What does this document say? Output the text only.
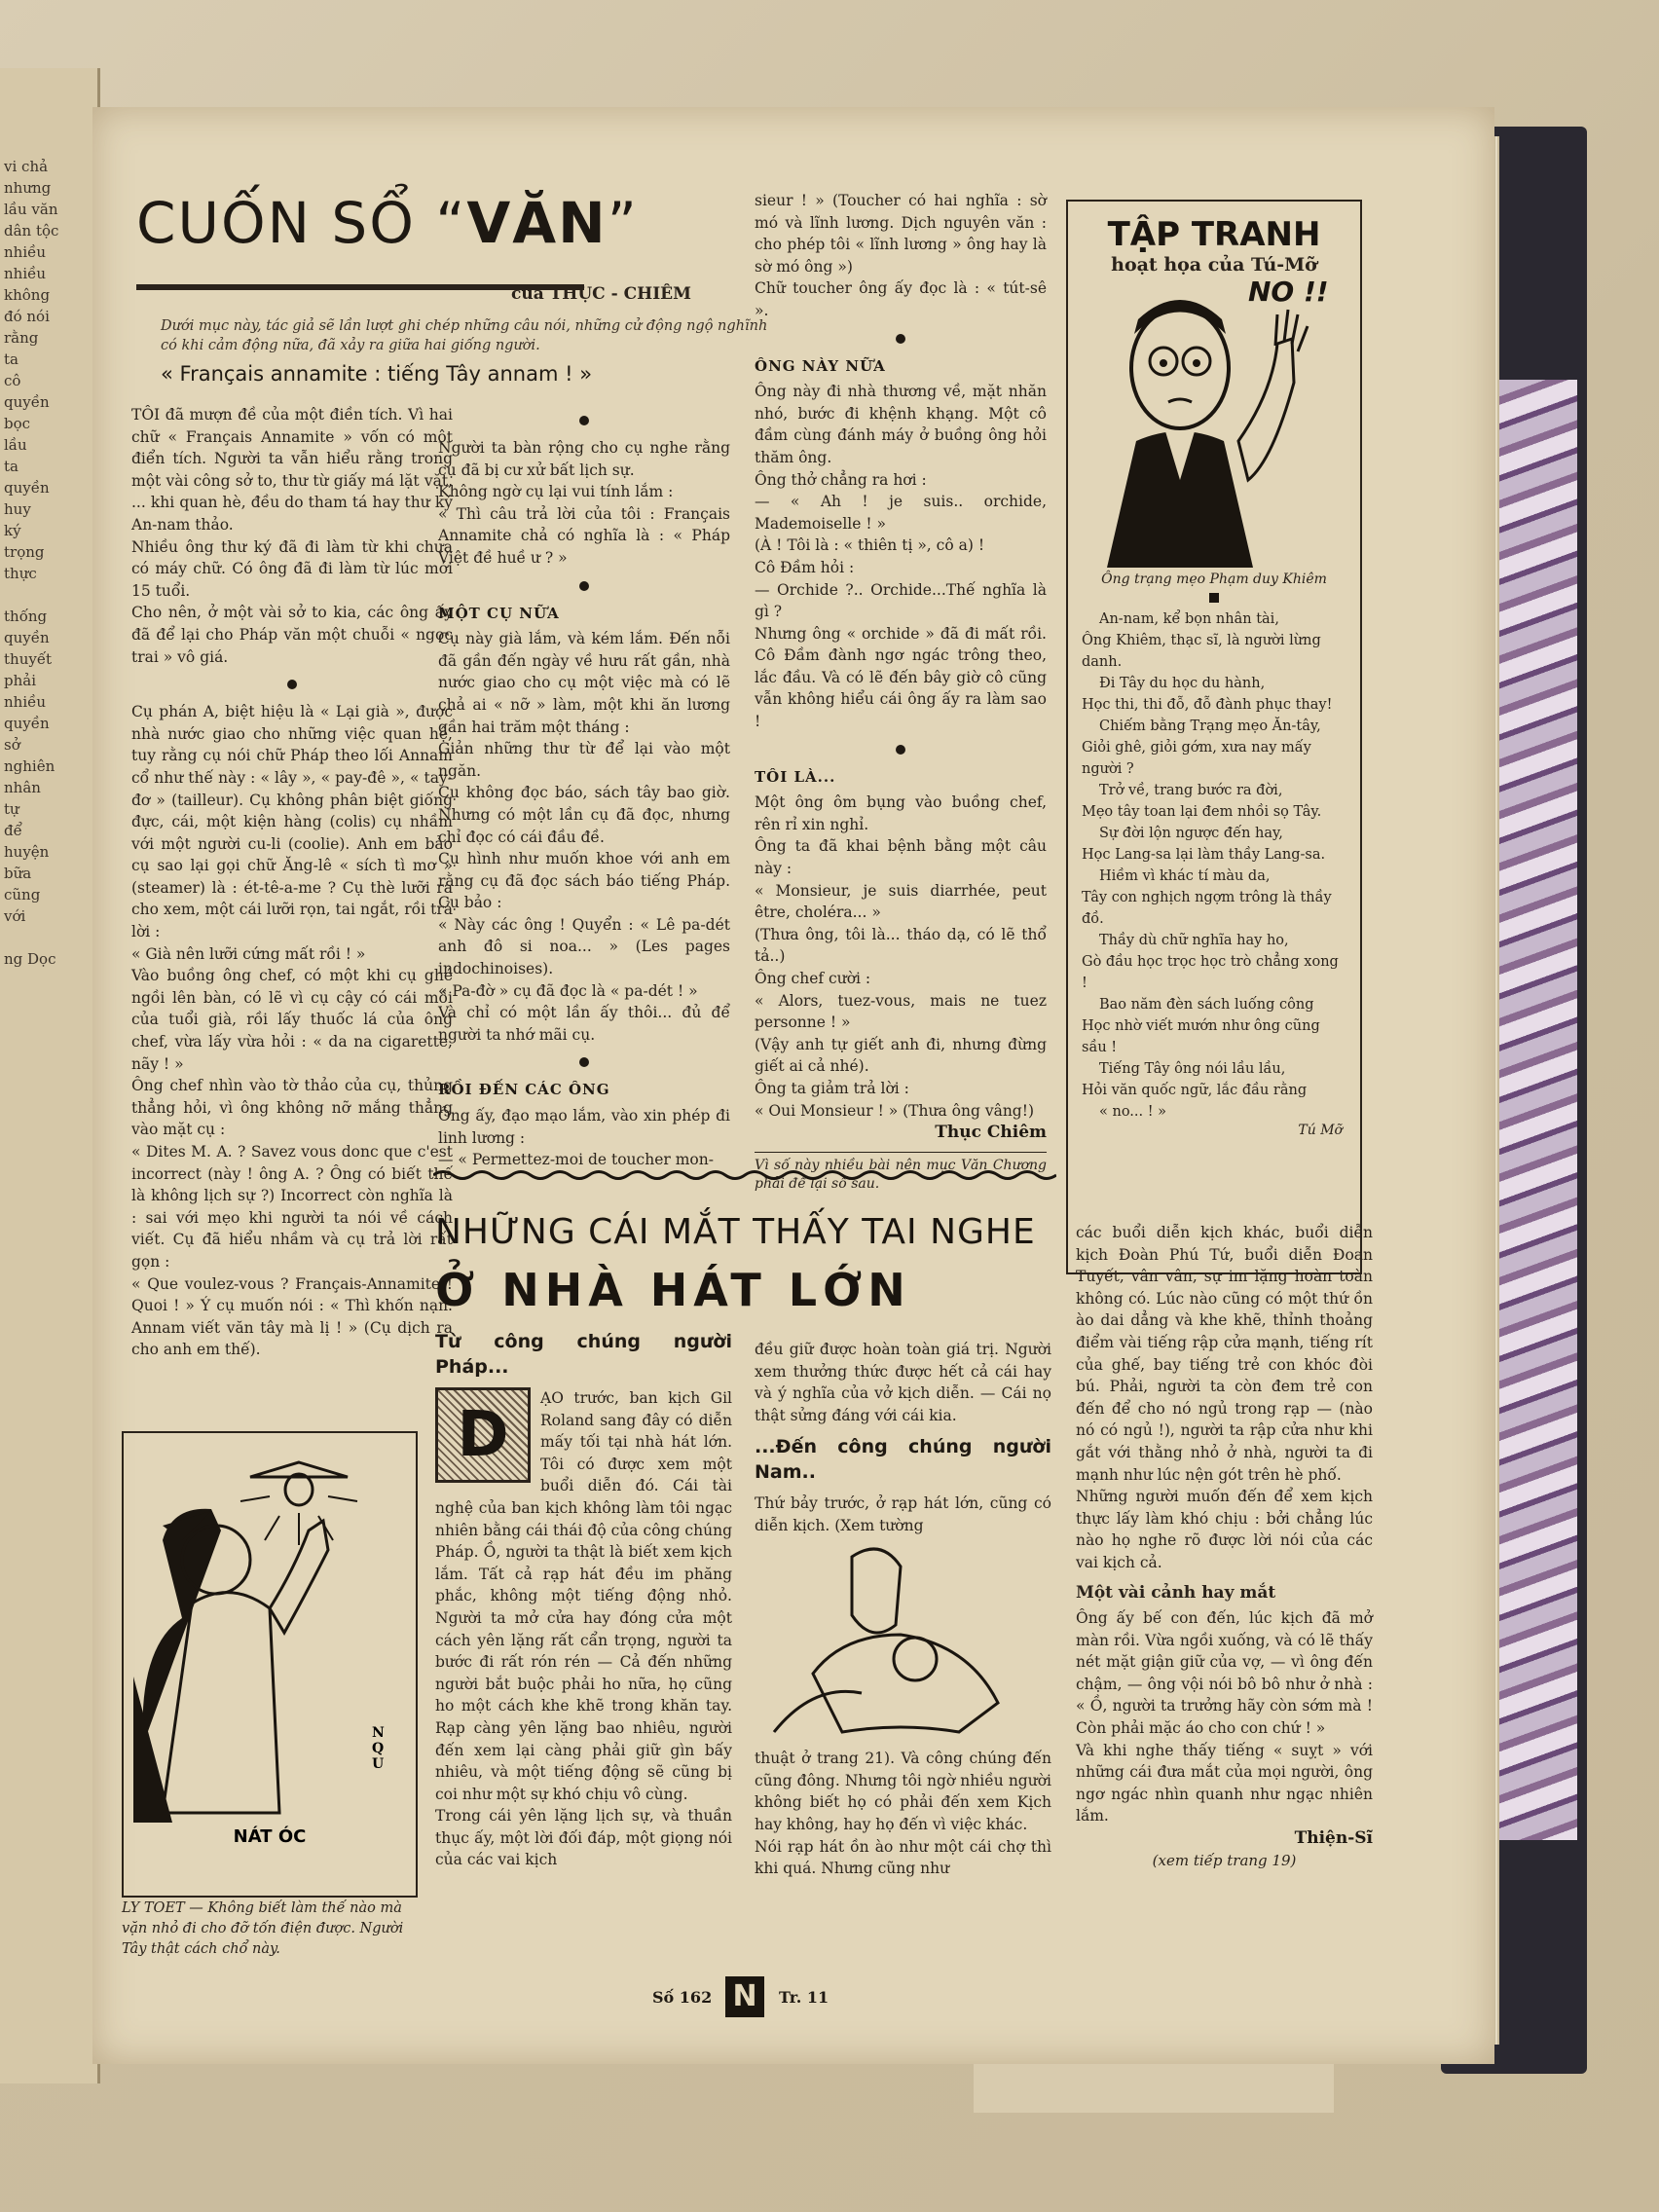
vi chả
nhưng
lầu văn
dân tộc
nhiều
nhiều
không
đó nói
rằng
ta
cô
quyền
bọc
lầu
ta
quyền
huy
ký
trọng
thực

thống
quyền
thuyết
phải
nhiều
quyền
sở
nghiên
nhân
tự
để
huyện
bữa
cũng
với

ng Dọc
CUỐN SỔ “VĂN”
của THỤC - CHIÊM
Dưới mục này, tác giả sẽ lần lượt ghi chép những câu nói, những cử động ngộ nghĩnh có khi cảm động nữa, đã xảy ra giữa hai giống người.
« Français annamite : tiếng Tây annam ! »
TÔI đã mượn đề của một điền tích. Vì hai chữ « Français Annamite » vốn có một điển tích. Người ta vẫn hiểu rằng trong một vài công sở to, thư từ giấy má lặt vặt, ... khi quan hè, đều do tham tá hay thư ký An-nam thảo.
Nhiều ông thư ký đã đi làm từ khi chưa có máy chữ. Có ông đã đi làm từ lúc mới 15 tuổi.
Cho nên, ở một vài sở to kia, các ông ấy đã để lại cho Pháp văn một chuỗi « ngọc trai » vô giá.
Cụ phán A, biệt hiệu là « Lại già », được nhà nước giao cho những việc quan hệ, tuy rằng cụ nói chữ Pháp theo lối Annam cổ như thế này : « lây », « pay-đê », « tay-đơ » (tailleur). Cụ không phân biệt giống đực, cái, một kiện hàng (colis) cụ nhầm với một người cu-li (coolie). Anh em bảo cụ sao lại gọi chữ Ăng-lê « sích tì mơ » (steamer) là : ét-tê-a-me ? Cụ thè lưỡi ra cho xem, một cái lưỡi rọn, tai ngắt, rồi trả lời :
« Già nên lưỡi cứng mất rồi ! »
Vào buồng ông chef, có một khi cụ ghé ngồi lên bàn, có lẽ vì cụ cậy có cái mồi của tuổi già, rồi lấy thuốc lá của ông chef, vừa lấy vừa hỏi : « da na cigarette, nãy ! »
Ông chef nhìn vào tờ thảo của cụ, thủng thẳng hỏi, vì ông không nỡ mắng thẳng vào mặt cụ :
« Dites M. A. ? Savez vous donc que c'est incorrect (này ! ông A. ? Ông có biết thế là không lịch sự ?) Incorrect còn nghĩa là : sai với mẹo khi người ta nói về cách viết. Cụ đã hiểu nhầm và cụ trả lời rất gọn :
« Que voulez-vous ? Français-Annamite ! Quoi ! » Ý cụ muốn nói : « Thì khốn nạn. Annam viết văn tây mà lị ! » (Cụ dịch ra cho anh em thế).
Người ta bàn rộng cho cụ nghe rằng cụ đã bị cư xử bất lịch sự.
Không ngờ cụ lại vui tính lắm :
« Thì câu trả lời của tôi : Français Annamite chả có nghĩa là : « Pháp Việt đề huề ư ? »
MỘT CỤ NỮA
Cụ này già lắm, và kém lắm. Đến nỗi đã gần đến ngày về hưu rất gần, nhà nước giao cho cụ một việc mà có lẽ chả ai « nỡ » làm, một khi ăn lương gần hai trăm một tháng :
Giản những thư từ để lại vào một ngăn.
Cụ không đọc báo, sách tây bao giờ. Nhưng có một lần cụ đã đọc, nhưng chỉ đọc có cái đầu đề.
Cụ hình như muốn khoe với anh em rằng cụ đã đọc sách báo tiếng Pháp. Cụ bảo :
« Này các ông ! Quyển : « Lê pa-dét anh đô si noa... » (Les pages indochinoises).
« Pa-đờ » cụ đã đọc là « pa-dét ! »
Và chỉ có một lần ấy thôi... đủ để người ta nhớ mãi cụ.
RỒI ĐẾN CÁC ÔNG
Ông ấy, đạo mạo lắm, vào xin phép đi linh lương :
— « Permettez-moi de toucher mon-
sieur ! » (Toucher có hai nghĩa : sờ mó và lĩnh lương. Dịch nguyên văn : cho phép tôi « lĩnh lương » ông hay là sờ mó ông »)
Chữ toucher ông ấy đọc là : « tút-sê ».
ÔNG NÀY NỮA
Ông này đi nhà thương về, mặt nhăn nhó, bước đi khệnh khạng. Một cô đầm cùng đánh máy ở buồng ông hỏi thăm ông.
Ông thở chẳng ra hơi :
— « Ah ! je suis.. orchide, Mademoiselle ! »
(À ! Tôi là : « thiên tị », cô a) !
Cô Đầm hỏi :
— Orchide ?.. Orchide...Thế nghĩa là gì ?
Nhưng ông « orchide » đã đi mất rồi. Cô Đầm đành ngơ ngác trông theo, lắc đầu. Và có lẽ đến bây giờ cô cũng vẫn không hiểu cái ông ấy ra làm sao !
TÔI LÀ...
Một ông ôm bụng vào buồng chef, rên rỉ xin nghỉ.
Ông ta đã khai bệnh bằng một câu này :
« Monsieur, je suis diarrhée, peut être, choléra... »
(Thưa ông, tôi là... tháo dạ, có lẽ thổ tả..)
Ông chef cười :
« Alors, tuez-vous, mais ne tuez personne ! »
(Vậy anh tự giết anh đi, nhưng đừng giết ai cả nhé).
Ông ta giảm trả lời :
« Oui Monsieur ! » (Thưa ông vâng!)
Thục Chiêm
Vì số này nhiều bài nên mục Văn Chương phải để lại số sau.
TẬP TRANH
hoạt họa của Tú-Mỡ
NO !!
Ông trạng mẹo Phạm duy Khiêm
An-nam, kể bọn nhân tài,
Ông Khiêm, thạc sĩ, là người lừng danh.
Đi Tây du học du hành,
Học thi, thi đỗ, đỗ đành phục thay!
Chiếm bằng Trạng mẹo Ăn-tây,
Giỏi ghê, giỏi gớm, xưa nay mấy người ?
Trở về, trang bước ra đời,
Mẹo tây toan lại đem nhồi sọ Tây.
Sự đời lộn ngược đến hay,
Học Lang-sa lại làm thầy Lang-sa.
Hiềm vì khác tí màu da,
Tây con nghịch ngợm trông là thầy đồ.
Thầy dù chữ nghĩa hay ho,
Gò đầu học trọc học trò chẳng xong !
Bao năm đèn sách luống công
Học nhờ viết mướn như ông cũng sầu !
Tiếng Tây ông nói lầu lầu,
Hỏi văn quốc ngữ, lắc đầu rằng
« no... ! »
Tú Mỡ
NHỮNG CÁI MẮT THẤY TAI NGHE
Ở NHÀ HÁT LỚN
NQU
NÁT ÓC
LY TOET — Không biết làm thế nào mà vặn nhỏ đi cho đỡ tốn điện được. Người Tây thật cách chổ này.
Từ công chúng người Pháp...
D
ẠO trước, ban kịch Gil Roland sang đây có diễn mấy tối tại nhà hát lớn. Tôi có được xem một buổi diễn đó. Cái tài nghệ của ban kịch không làm tôi ngạc nhiên bằng cái thái độ của công chúng Pháp. Ồ, người ta thật là biết xem kịch lắm. Tất cả rạp hát đều im phăng phắc, không một tiếng động nhỏ. Người ta mở cửa hay đóng cửa một cách yên lặng rất cẩn trọng, người ta bước đi rất rón rén — Cả đến những người bắt buộc phải ho nữa, họ cũng ho một cách khe khẽ trong khăn tay. Rạp càng yên lặng bao nhiêu, người đến xem lại càng phải giữ gìn bấy nhiêu, và một tiếng động sẽ cũng bị coi như một sự khó chịu vô cùng.
Trong cái yên lặng lịch sự, và thuần thục ấy, một lời đối đáp, một giọng nói của các vai kịch
đều giữ được hoàn toàn giá trị. Người xem thưởng thức được hết cả cái hay và ý nghĩa của vở kịch diễn. — Cái nọ thật sửng đáng với cái kia.
...Đến công chúng người Nam..
Thứ bảy trước, ở rạp hát lớn, cũng có diễn kịch. (Xem tường
thuật ở trang 21). Và công chúng đến cũng đông. Nhưng tôi ngờ nhiều người không biết họ có phải đến xem Kịch hay không, hay họ đến vì việc khác.
Nói rạp hát ồn ào như một cái chợ thì khi quá. Nhưng cũng như
các buổi diễn kịch khác, buổi diễn kịch Đoàn Phú Tứ, buổi diễn Đoan Tuyết, vân vân, sự im lặng hoàn toàn không có. Lúc nào cũng có một thứ ồn ào dai dẳng và khe khẽ, thỉnh thoảng điểm vài tiếng rập cửa mạnh, tiếng rít của ghế, bay tiếng trẻ con khóc đòi bú. Phải, người ta còn đem trẻ con đến để cho nó ngủ trong rạp — (nào nó có ngủ !), người ta rập cửa như khi gắt với thằng nhỏ ở nhà, người ta đi mạnh như lúc nện gót trên hè phố.
Những người muốn đến để xem kịch thực lấy làm khó chịu : bởi chẳng lúc nào họ nghe rõ được lời nói của các vai kịch cả.
Một vài cảnh hay mắt
Ông ấy bế con đến, lúc kịch đã mở màn rồi. Vừa ngồi xuống, và có lẽ thấy nét mặt giận giữ của vợ, — vì ông đến chậm, — ông vội nói bô bô như ở nhà : « Ồ, người ta trưởng hãy còn sớm mà ! Còn phải mặc áo cho con chứ ! »
Và khi nghe thấy tiếng « suỵt » với những cái đưa mắt của mọi người, ông ngơ ngác nhìn quanh như ngạc nhiên lắm.
Thiện-Sĩ
(xem tiếp trang 19)
Số 162 N	Tr. 11
